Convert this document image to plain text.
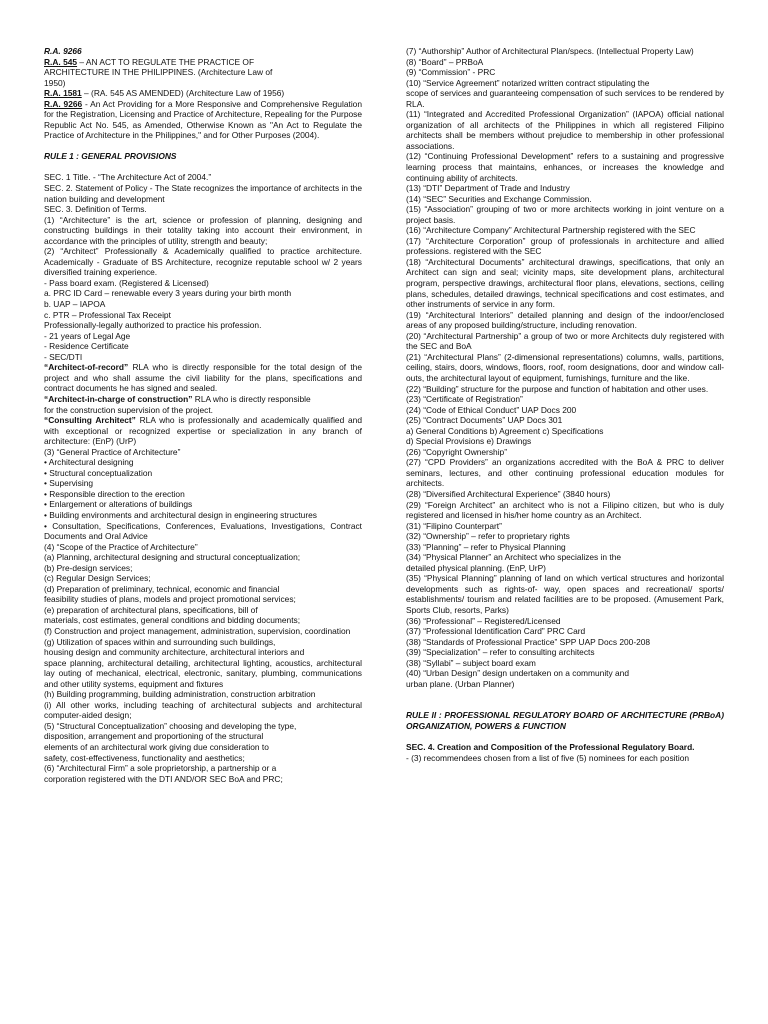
R.A. 9266
R.A. 545 – AN ACT TO REGULATE THE PRACTICE OF
ARCHITECTURE IN THE PHILIPPINES. (Architecture Law of
1950)
R.A. 1581 – (RA. 545 AS AMENDED) (Architecture Law of 1956)
R.A. 9266 - An Act Providing for a More Responsive and Comprehensive Regulation for the Registration, Licensing and Practice of Architecture, Repealing for the Purpose Republic Act No. 545, as Amended, Otherwise Known as "An Act to Regulate the Practice of Architecture in the Philippines," and for Other Purposes (2004).
RULE 1 : GENERAL PROVISIONS
SEC. 1 Title. - “The Architecture Act of 2004.”
SEC. 2. Statement of Policy - The State recognizes the importance of architects in the nation building and development
SEC. 3. Definition of Terms.
(1) “Architecture” is the art, science or profession of planning, designing and constructing buildings in their totality taking into account their environment, in accordance with the principles of utility, strength and beauty;
(2) “Architect” Professionally & Academically qualified to practice architecture. Academically - Graduate of BS Architecture, recognize reputable school w/ 2 years diversified training experience.
- Pass board exam. (Registered & Licensed)
a. PRC ID Card – renewable every 3 years during your birth month
b. UAP – IAPOA
c. PTR – Professional Tax Receipt
Professionally-legally authorized to practice his profession.
- 21 years of Legal Age
- Residence Certificate
- SEC/DTI
“Architect-of-record” RLA who is directly responsible for the total design of the project and who shall assume the civil liability for the plans, specifications and contract documents he has signed and sealed.
“Architect-in-charge of construction” RLA who is directly responsible
for the construction supervision of the project.
“Consulting Architect” RLA who is professionally and academically qualified and with exceptional or recognized expertise or specialization in any branch of architecture: (EnP) (UrP)
(3) “General Practice of Architecture”
• Architectural designing
• Structural conceptualization
• Supervising
• Responsible direction to the erection
• Enlargement or alterations of buildings
• Building environments and architectural design in engineering structures
• Consultation, Specifications, Conferences, Evaluations, Investigations, Contract Documents and Oral Advice
(4) “Scope of the Practice of Architecture”
(a) Planning, architectural designing and structural conceptualization;
(b) Pre-design services;
(c) Regular Design Services;
(d) Preparation of preliminary, technical, economic and financial
feasibility studies of plans, models and project promotional services;
(e) preparation of architectural plans, specifications, bill of
materials, cost estimates, general conditions and bidding documents;
(f) Construction and project management, administration, supervision, coordination
(g) Utilization of spaces within and surrounding such buildings,
housing design and community architecture, architectural interiors and
space planning, architectural detailing, architectural lighting, acoustics, architectural lay outing of mechanical, electrical, electronic, sanitary, plumbing, communications and other utility systems, equipment and fixtures
(h) Building programming, building administration, construction arbitration
(i) All other works, including teaching of architectural subjects and architectural computer-aided design;
(5) “Structural Conceptualization” choosing and developing the type,
disposition, arrangement and proportioning of the structural
elements of an architectural work giving due consideration to
safety, cost-effectiveness, functionality and aesthetics;
(6) “Architectural Firm” a sole proprietorship, a partnership or a
corporation registered with the DTI AND/OR SEC BoA and PRC;
(7) “Authorship” Author of Architectural Plan/specs. (Intellectual Property Law)
(8) “Board” – PRBoA
(9) “Commission” - PRC
(10) “Service Agreement” notarized written contract stipulating the
scope of services and guaranteeing compensation of such services to be rendered by RLA.
(11) “Integrated and Accredited Professional Organization” (IAPOA) official national organization of all architects of the Philippines in which all registered Filipino architects shall be members without prejudice to membership in other professional associations.
(12) “Continuing Professional Development” refers to a sustaining and progressive learning process that maintains, enhances, or increases the knowledge and continuing ability of architects.
(13) “DTI” Department of Trade and Industry
(14) “SEC” Securities and Exchange Commission.
(15) “Association” grouping of two or more architects working in joint venture on a project basis.
(16) “Architecture Company” Architectural Partnership registered with the SEC
(17) “Architecture Corporation” group of professionals in architecture and allied professions. registered with the SEC
(18) “Architectural Documents” architectural drawings, specifications, that only an Architect can sign and seal; vicinity maps, site development plans, architectural program, perspective drawings, architectural floor plans, elevations, sections, ceiling plans, schedules, detailed drawings, technical specifications and cost estimates, and other instruments of service in any form.
(19) “Architectural Interiors” detailed planning and design of the indoor/enclosed areas of any proposed building/structure, including renovation.
(20) “Architectural Partnership” a group of two or more Architects duly registered with the SEC and BoA
(21) “Architectural Plans” (2-dimensional representations) columns, walls, partitions, ceiling, stairs, doors, windows, floors, roof, room designations, door and window call-outs, the architectural layout of equipment, furnishings, furniture and the like.
(22) “Building” structure for the purpose and function of habitation and other uses.
(23) “Certificate of Registration”
(24) “Code of Ethical Conduct” UAP Docs 200
(25) “Contract Documents” UAP Docs 301
a) General Conditions b) Agreement c) Specifications
d) Special Provisions e) Drawings
(26) “Copyright Ownership”
(27) “CPD Providers” an organizations accredited with the BoA & PRC to deliver seminars, lectures, and other continuing professional education modules for architects.
(28) “Diversified Architectural Experience” (3840 hours)
(29) “Foreign Architect” an architect who is not a Filipino citizen, but who is duly registered and licensed in his/her home country as an Architect.
(31) “Filipino Counterpart”
(32) “Ownership” – refer to proprietary rights
(33) “Planning” – refer to Physical Planning
(34) “Physical Planner” an Architect who specializes in the
detailed physical planning. (EnP, UrP)
(35) “Physical Planning” planning of land on which vertical structures and horizontal developments such as rights-of- way, open spaces and recreational/ sports/ establishments/ tourism and related facilities are to be proposed. (Amusement Park, Sports Club, resorts, Parks)
(36) “Professional” – Registered/Licensed
(37) “Professional Identification Card” PRC Card
(38) “Standards of Professional Practice” SPP UAP Docs 200-208
(39) “Specialization” – refer to consulting architects
(38) “Syllabi” – subject board exam
(40) “Urban Design” design undertaken on a community and
urban plane. (Urban Planner)
RULE II : PROFESSIONAL REGULATORY BOARD OF ARCHITECTURE (PRBoA) ORGANIZATION, POWERS & FUNCTION
SEC. 4. Creation and Composition of the Professional Regulatory Board.
- (3) recommendees chosen from a list of five (5) nominees for each position
